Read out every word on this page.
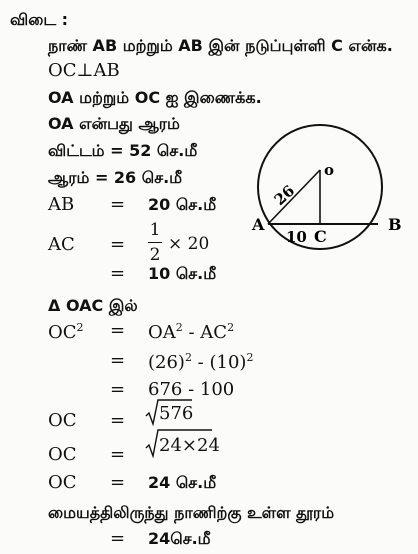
விடை :
நாண் AB மற்றும் AB இன் நடுப்புள்ளி C என்க.
OC⊥AB
OA மற்றும் OC ஐ இணைக்க.
OA என்பது ஆரம்
விட்டம் = 52 செ.மீ
ஆரம் = 26 செ.மீ
AB = 20 செ.மீ
AC =
1
2
× 20
= 10 செ.மீ
Δ OAC இல்
$OC^2 = OA^2 - AC^2$
= $(26)^2 - (10)^2$
= 676 - 100
OC = 576
OC = 24×24
OC = 24 செ.மீ
மையத்திலிருந்து நாணிற்கு உள்ள தூரம்
= 24செ.மீ
o
26
A	B
10 C
